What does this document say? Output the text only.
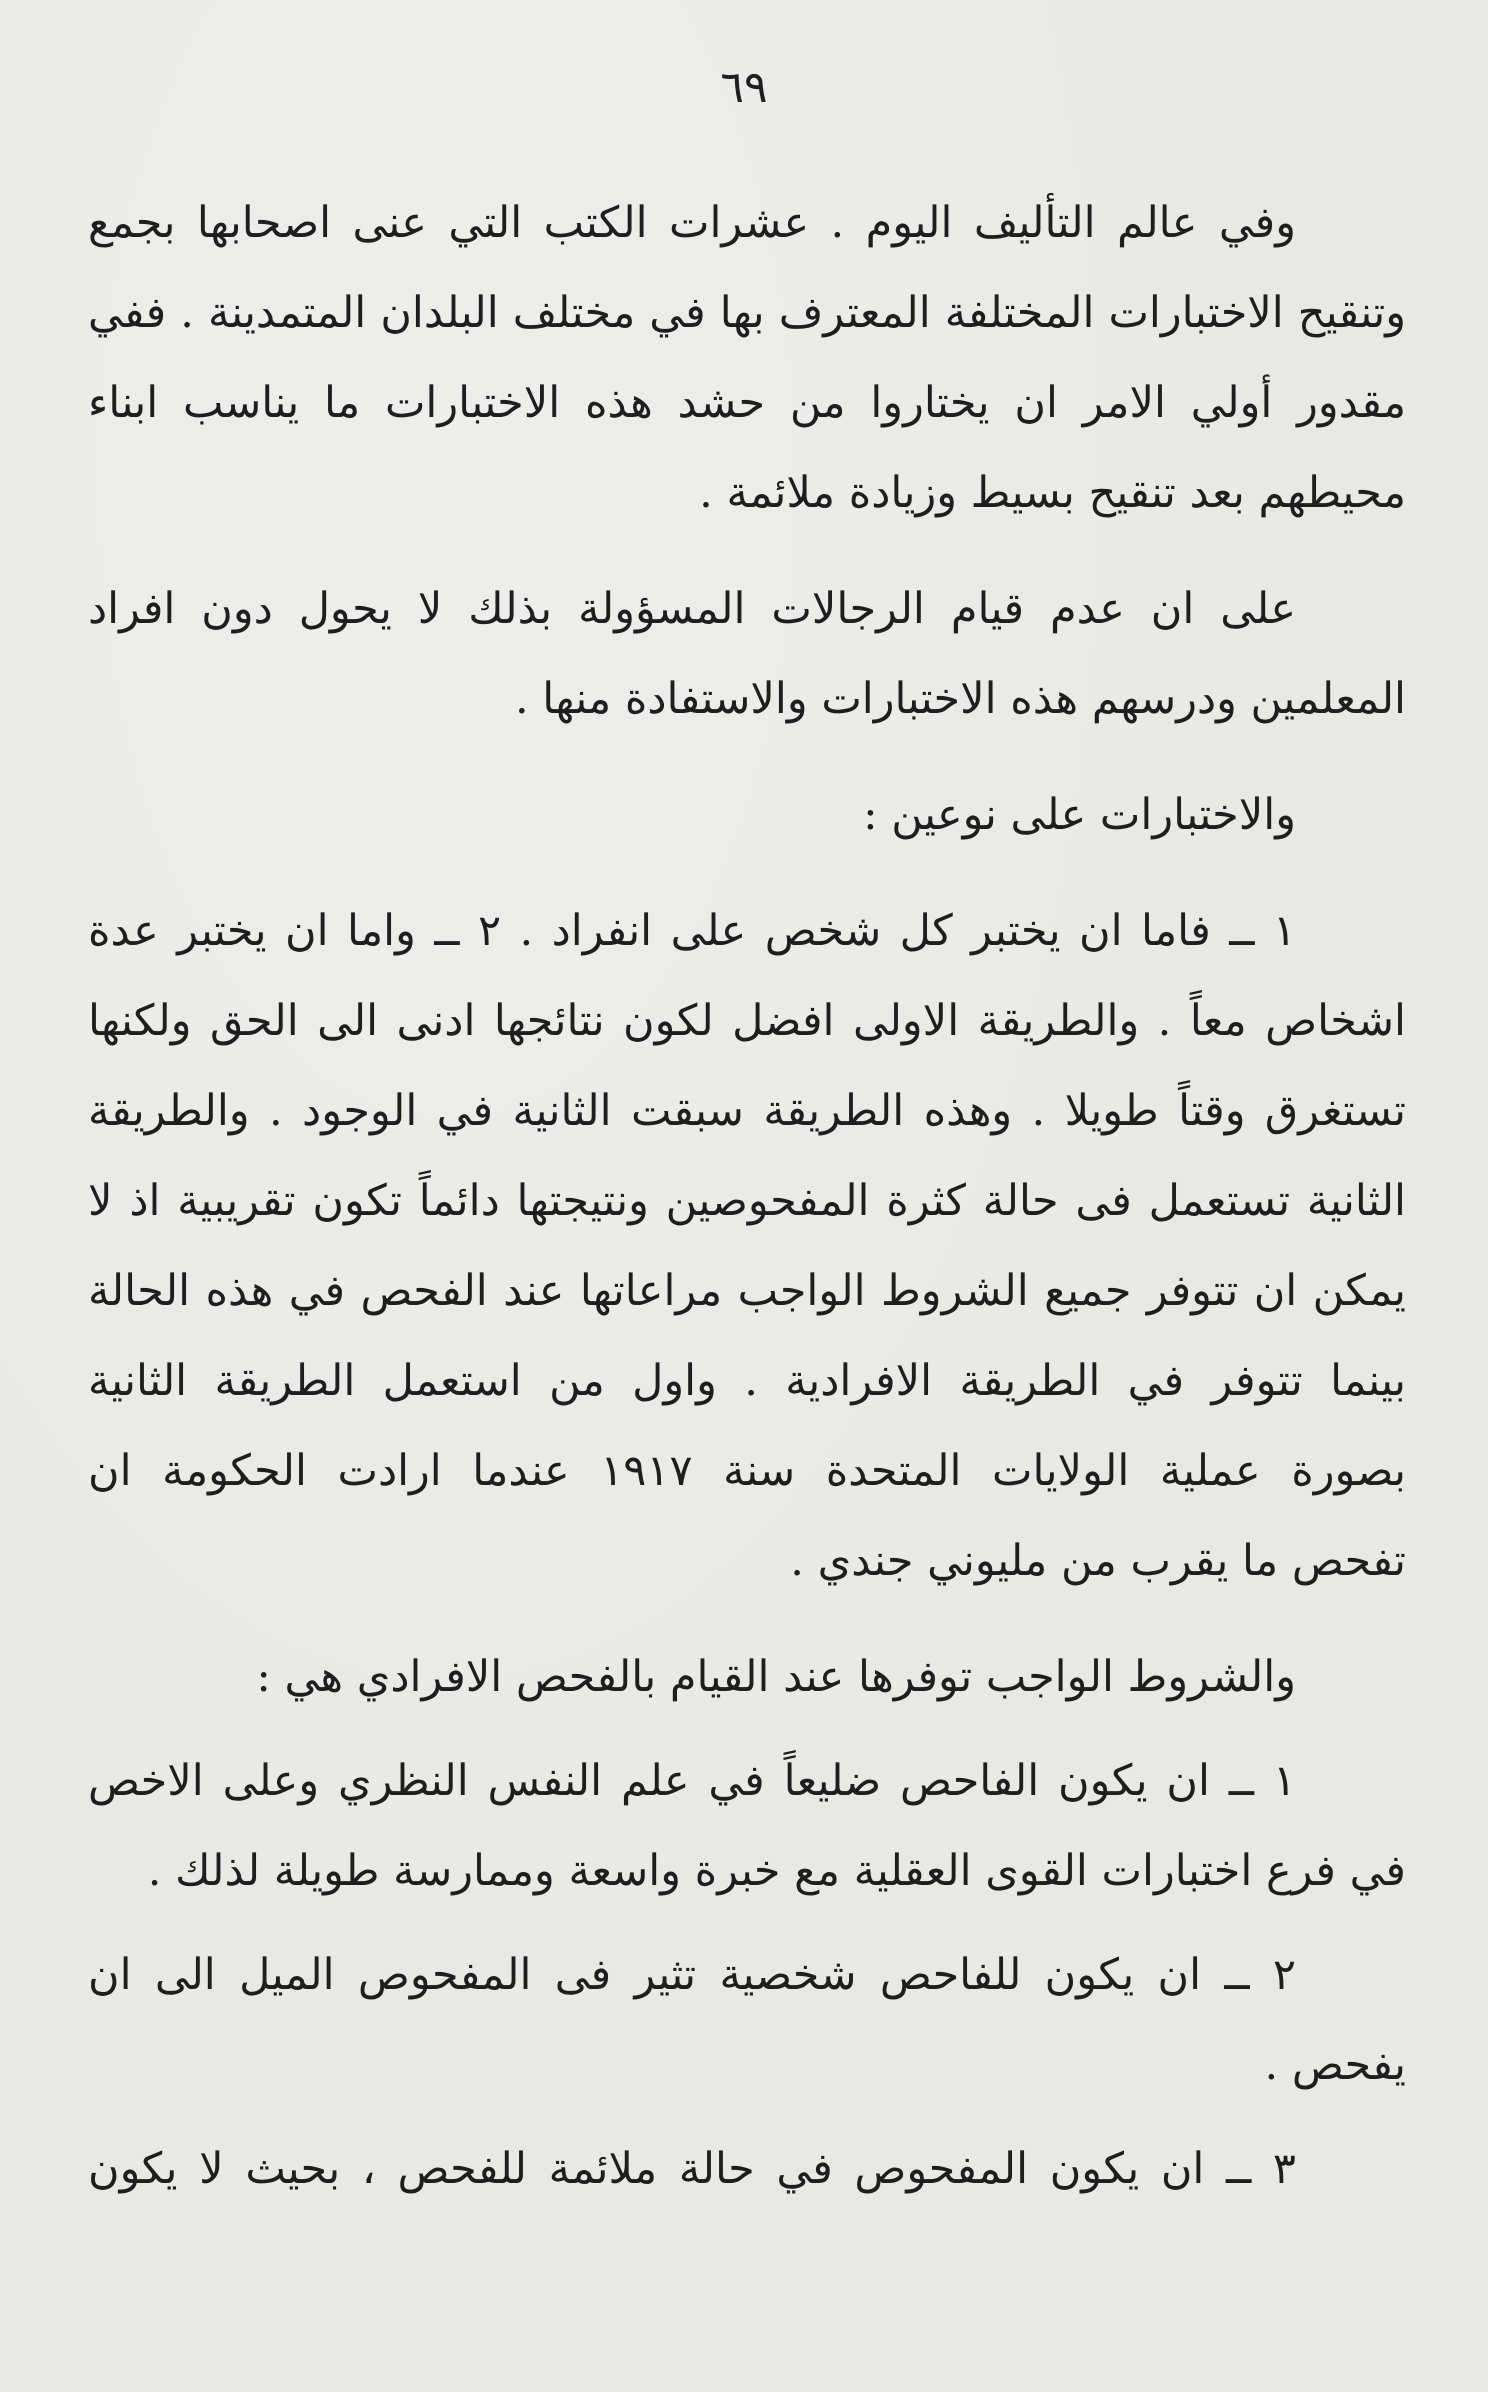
٦٩
وفي عالم التأليف اليوم . عشرات الكتب التي عنى اصحابها بجمع
وتنقيح الاختبارات المختلفة المعترف بها في مختلف البلدان المتمدينة . ففي
مقدور أولي الامر ان يختاروا من حشد هذه الاختبارات ما يناسب ابناء
محيطهم بعد تنقيح بسيط وزيادة ملائمة .
على ان عدم قيام الرجالات المسؤولة بذلك لا يحول دون افراد
المعلمين ودرسهم هذه الاختبارات والاستفادة منها .
والاختبارات على نوعين :
١ ــ فاما ان يختبر كل شخص على انفراد . ٢ ــ واما ان يختبر عدة
اشخاص معاً . والطريقة الاولى افضل لكون نتائجها ادنى الى الحق ولكنها
تستغرق وقتاً طويلا . وهذه الطريقة سبقت الثانية في الوجود . والطريقة
الثانية تستعمل فى حالة كثرة المفحوصين ونتيجتها دائماً تكون تقريبية اذ لا
يمكن ان تتوفر جميع الشروط الواجب مراعاتها عند الفحص في هذه الحالة
بينما تتوفر في الطريقة الافرادية . واول من استعمل الطريقة الثانية
بصورة عملية الولايات المتحدة سنة ١٩١٧ عندما ارادت الحكومة ان
تفحص ما يقرب من مليوني جندي .
والشروط الواجب توفرها عند القيام بالفحص الافرادي هي :
١ ــ ان يكون الفاحص ضليعاً في علم النفس النظري وعلى الاخص
في فرع اختبارات القوى العقلية مع خبرة واسعة وممارسة طويلة لذلك .
٢ ــ ان يكون للفاحص شخصية تثير فى المفحوص الميل الى ان
يفحص .
٣ ــ ان يكون المفحوص في حالة ملائمة للفحص ، بحيث لا يكون
